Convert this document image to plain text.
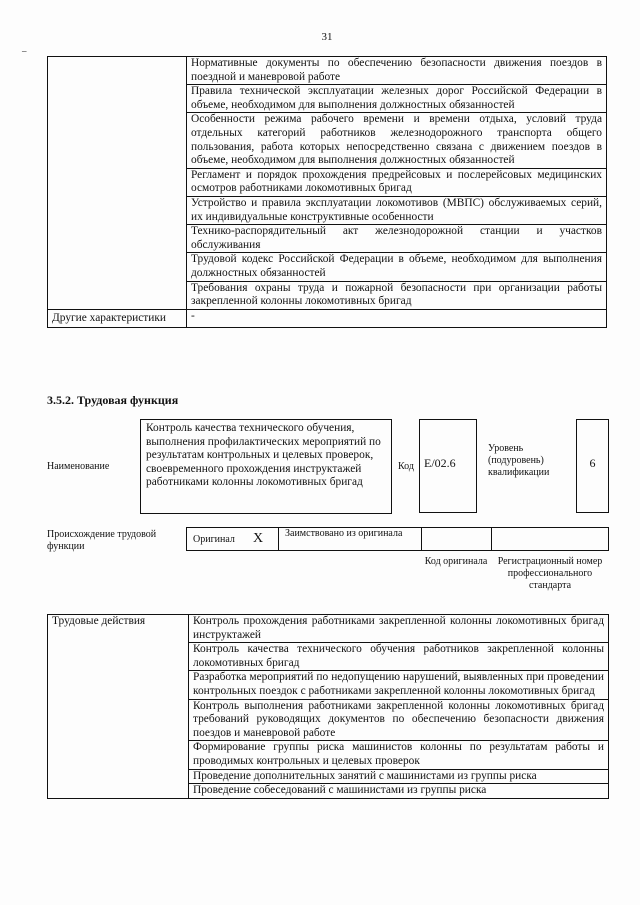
31
–
	Нормативные документы по обеспечению безопасности движения поездов в поездной и маневровой работе
	Правила технической эксплуатации железных дорог Российской Федерации в объеме, необходимом для выполнения должностных обязанностей
	Особенности режима рабочего времени и времени отдыха, условий труда отдельных категорий работников железнодорожного транспорта общего пользования, работа которых непосредственно связана с движением поездов в объеме, необходимом для выполнения должностных обязанностей
	Регламент и порядок прохождения предрейсовых и послерейсовых медицинских осмотров работниками локомотивных бригад
	Устройство и правила эксплуатации локомотивов (МВПС) обслуживаемых серий, их индивидуальные конструктивные особенности
	Технико-распорядительный акт железнодорожной станции и участков обслуживания
	Трудовой кодекс Российской Федерации в объеме, необходимом для выполнения должностных обязанностей
	Требования охраны труда и пожарной безопасности при организации работы закрепленной колонны локомотивных бригад
Другие характеристики	-
3.5.2. Трудовая функция
Наименование
Контроль качества технического обучения, выполнения профилактических мероприятий по результатам контрольных и целевых проверок, своевременного прохождения инструктажей работниками колонны локомотивных бригад
Код Е/02.6
Уровень (подуровень) квалификации
6
Происхождение трудовой функции
Оригинал X Заимствовано из оригинала
Код оригинала	Регистрационный номер профессионального стандарта
Трудовые действия	Контроль прохождения работниками закрепленной колонны локомотивных бригад инструктажей
Контроль качества технического обучения работников закрепленной колонны локомотивных бригад
Разработка мероприятий по недопущению нарушений, выявленных при проведении контрольных поездок с работниками закрепленной колонны локомотивных бригад
Контроль выполнения работниками закрепленной колонны локомотивных бригад требований руководящих документов по обеспечению безопасности движения поездов и маневровой работе
Формирование группы риска машинистов колонны по результатам работы и проводимых контрольных и целевых проверок
Проведение дополнительных занятий с машинистами из группы риска
Проведение собеседований с машинистами из группы риска
